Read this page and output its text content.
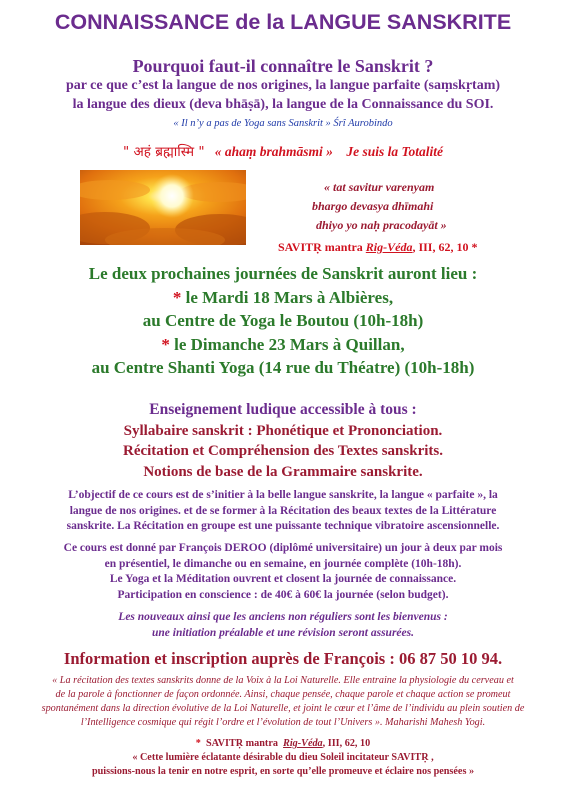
CONNAISSANCE de la LANGUE SANSKRITE
Pourquoi faut-il connaître le Sanskrit ?
par ce que c’est la langue de nos origines, la langue parfaite (saṃskṛtam)
la langue des dieux (deva bhāṣā), la langue de la Connaissance du SOI.
« Il n’y a pas de Yoga sans Sanskrit » Śrî Aurobindo
" अहं ब्रह्मास्मि " « ahaṃ brahmāsmi » Je suis la Totalité
« tat savitur varenyam
bhargo devasya dhīmahi
dhiyo yo naḥ pracodayāt »
SAVITṚ mantra Rig-Véda, III, 62, 10 *
Le deux prochaines journées de Sanskrit auront lieu :
* le Mardi 18 Mars à Albières,
au Centre de Yoga le Boutou (10h-18h)
* le Dimanche 23 Mars à Quillan,
au Centre Shanti Yoga (14 rue du Théatre) (10h-18h)
Enseignement ludique accessible à tous :
Syllabaire sanskrit : Phonétique et Prononciation.
Récitation et Compréhension des Textes sanskrits.
Notions de base de la Grammaire sanskrite.
L’objectif de ce cours est de s’initier à la belle langue sanskrite, la langue « parfaite », la
langue de nos origines. et de se former à la Récitation des beaux textes de la Littérature
sanskrite. La Récitation en groupe est une puissante technique vibratoire ascensionnelle.
Ce cours est donné par François DEROO (diplômé universitaire) un jour à deux par mois
en présentiel, le dimanche ou en semaine, en journée complète (10h-18h).
Le Yoga et la Méditation ouvrent et closent la journée de connaissance.
Participation en conscience : de 40€ à 60€ la journée (selon budget).
Les nouveaux ainsi que les anciens non réguliers sont les bienvenus :
une initiation préalable et une révision seront assurées.
Information et inscription auprès de François : 06 87 50 10 94.
« La récitation des textes sanskrits donne de la Voix à la Loi Naturelle. Elle entraine la physiologie du cerveau et
de la parole à fonctionner de façon ordonnée. Ainsi, chaque pensée, chaque parole et chaque action se promeut
spontanément dans la direction évolutive de la Loi Naturelle, et joint le cœur et l’âme de l’individu au plein soutien de
l’Intelligence cosmique qui régit l’ordre et l’évolution de tout l’Univers ». Maharishi Mahesh Yogi.
*  SAVITṚ mantra  Rig-Véda, III, 62, 10
« Cette lumière éclatante désirable du dieu Soleil incitateur SAVITṚ ,
puissions-nous la tenir en notre esprit, en sorte qu’elle promeuve et éclaire nos pensées »
